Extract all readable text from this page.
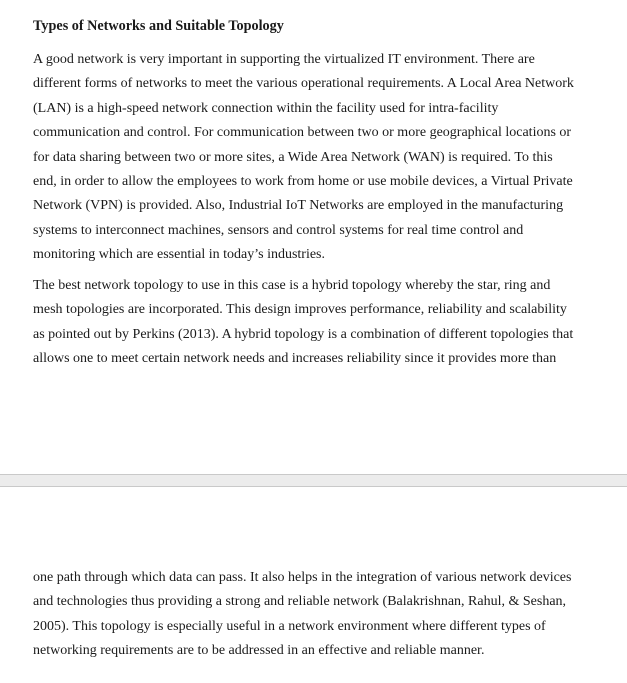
Types of Networks and Suitable Topology
A good network is very important in supporting the virtualized IT environment. There are
different forms of networks to meet the various operational requirements. A Local Area Network
(LAN) is a high-speed network connection within the facility used for intra-facility
communication and control. For communication between two or more geographical locations or
for data sharing between two or more sites, a Wide Area Network (WAN) is required. To this
end, in order to allow the employees to work from home or use mobile devices, a Virtual Private
Network (VPN) is provided. Also, Industrial IoT Networks are employed in the manufacturing
systems to interconnect machines, sensors and control systems for real time control and
monitoring which are essential in today’s industries.
The best network topology to use in this case is a hybrid topology whereby the star, ring and
mesh topologies are incorporated. This design improves performance, reliability and scalability
as pointed out by Perkins (2013). A hybrid topology is a combination of different topologies that
allows one to meet certain network needs and increases reliability since it provides more than
one path through which data can pass. It also helps in the integration of various network devices
and technologies thus providing a strong and reliable network (Balakrishnan, Rahul, & Seshan,
2005). This topology is especially useful in a network environment where different types of
networking requirements are to be addressed in an effective and reliable manner.
